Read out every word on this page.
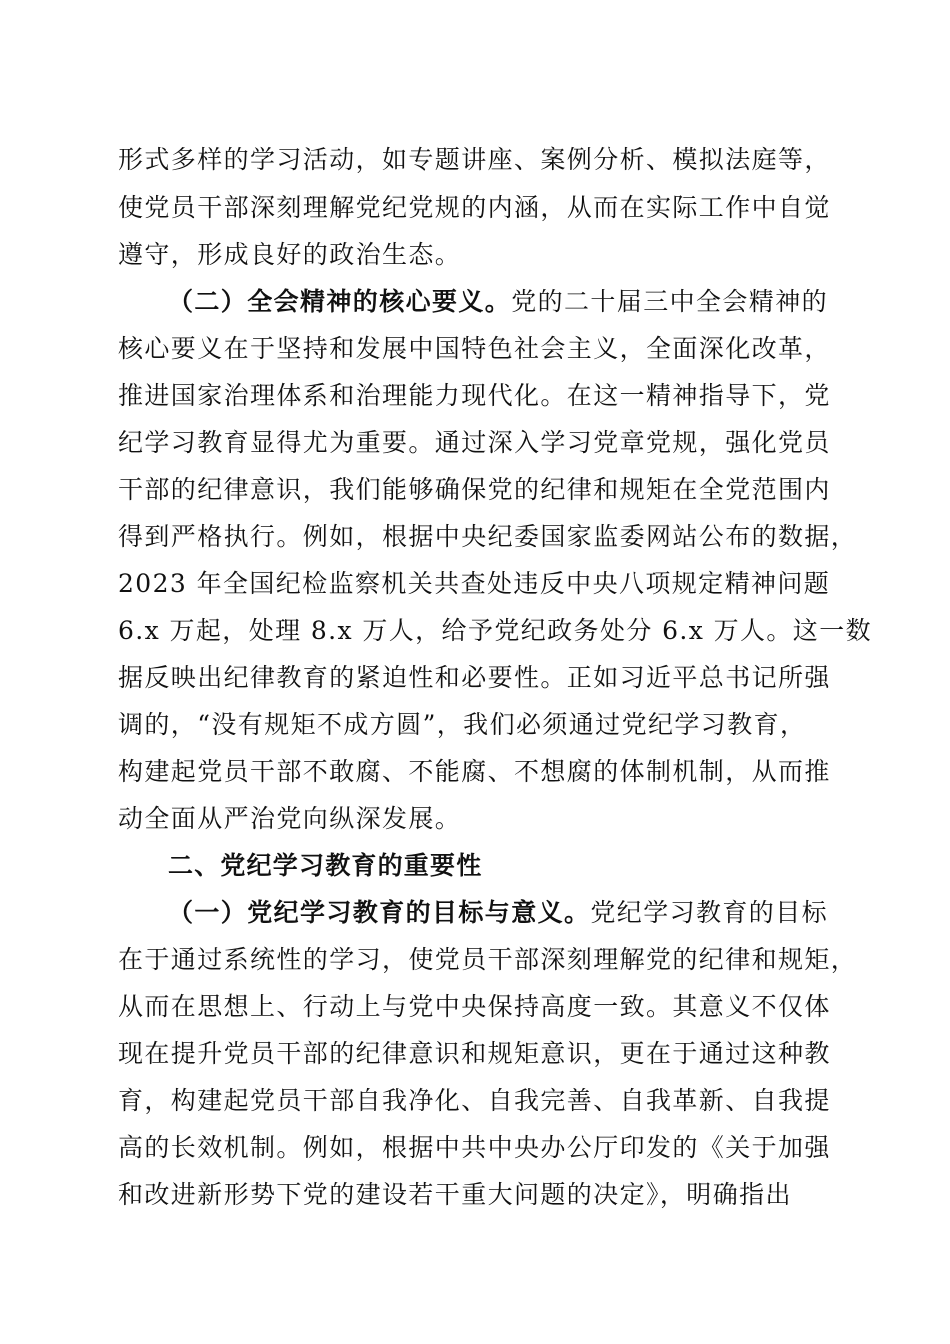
形式多样的学习活动，如专题讲座、案例分析、模拟法庭等，
使党员干部深刻理解党纪党规的内涵，从而在实际工作中自觉
遵守，形成良好的政治生态。
（二）全会精神的核心要义。党的二十届三中全会精神的
核心要义在于坚持和发展中国特色社会主义，全面深化改革，
推进国家治理体系和治理能力现代化。在这一精神指导下，党
纪学习教育显得尤为重要。通过深入学习党章党规，强化党员
干部的纪律意识，我们能够确保党的纪律和规矩在全党范围内
得到严格执行。例如，根据中央纪委国家监委网站公布的数据，
2023 年全国纪检监察机关共查处违反中央八项规定精神问题
6.x 万起，处理 8.x 万人，给予党纪政务处分 6.x 万人。这一数
据反映出纪律教育的紧迫性和必要性。正如习近平总书记所强
调的，“没有规矩不成方圆”，我们必须通过党纪学习教育，
构建起党员干部不敢腐、不能腐、不想腐的体制机制，从而推
动全面从严治党向纵深发展。
二、党纪学习教育的重要性
（一）党纪学习教育的目标与意义。党纪学习教育的目标
在于通过系统性的学习，使党员干部深刻理解党的纪律和规矩，
从而在思想上、行动上与党中央保持高度一致。其意义不仅体
现在提升党员干部的纪律意识和规矩意识，更在于通过这种教
育，构建起党员干部自我净化、自我完善、自我革新、自我提
高的长效机制。例如，根据中共中央办公厅印发的《关于加强
和改进新形势下党的建设若干重大问题的决定》，明确指出
